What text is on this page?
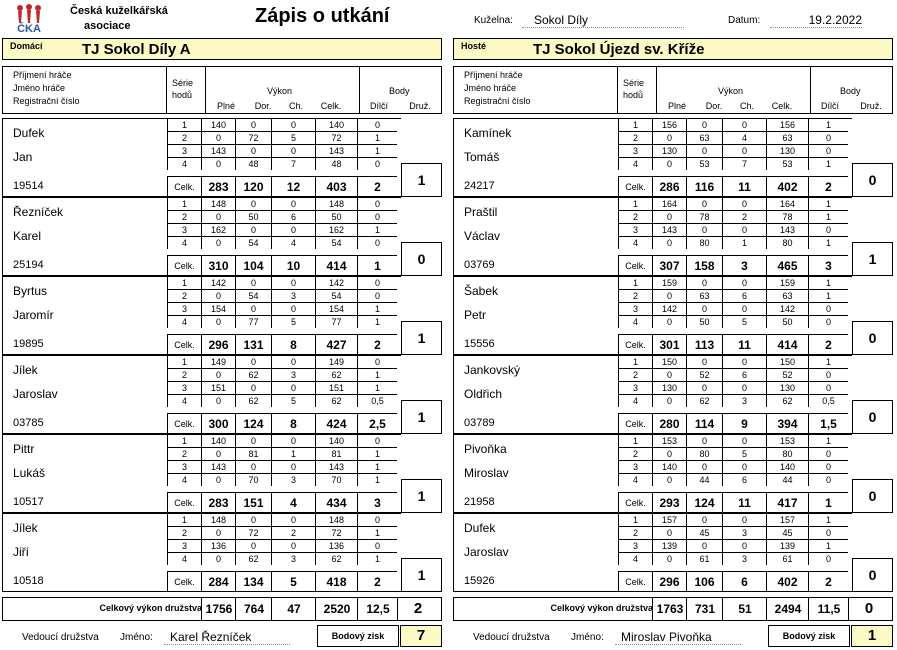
ČKA
Česká kuželkářská
asociace	Zápis o utkání	Kuželna:	Sokol Díly	Datum:	19.2.2022
Domácí	TJ Sokol Díly A
Příjmení hráče
Jméno hráče
Registrační číslo
Série
hodů	Výkon	Body
Plné	Dor.	Ch.	Celk.	Dílčí	Druž.
Dufek
Jan
19514
1	140	0	0	140	0
2	0	72	5	72	1
3	143	0	0	143	1
4	0	48	7	48	0
Celk.	283	120	12	403	2	1
Řezníček
Karel
25194
1	148	0	0	148	0
2	0	50	6	50	0
3	162	0	0	162	1
4	0	54	4	54	0
Celk.	310	104	10	414	1	0
Byrtus
Jaromír
19895
1	142	0	0	142	0
2	0	54	3	54	0
3	154	0	0	154	1
4	0	77	5	77	1
Celk.	296	131	8	427	2	1
Jílek
Jaroslav
03785
1	149	0	0	149	0
2	0	62	3	62	1
3	151	0	0	151	1
4	0	62	5	62	0,5
Celk.	300	124	8	424	2,5	1
Pittr
Lukáš
10517
1	140	0	0	140	0
2	0	81	1	81	1
3	143	0	0	143	1
4	0	70	3	70	1
Celk.	283	151	4	434	3	1
Jílek
Jiří
10518
1	148	0	0	148	0
2	0	72	2	72	1
3	136	0	0	136	0
4	0	62	3	62	1
Celk.	284	134	5	418	2	1
Celkový výkon družstva 1756 764	47	2520	12,5	2
Vedoucí družstva Jméno:	Karel Řezníček	Bodový zisk	7
Hosté	TJ Sokol Újezd sv. Kříže
Příjmení hráče
Jméno hráče
Registrační číslo
Série
hodů	Výkon	Body
Plné	Dor.	Ch.	Celk.	Dílčí	Druž.
Kamínek
Tomáš
24217
1	156	0	0	156	1
2	0	63	4	63	0
3	130	0	0	130	0
4	0	53	7	53	1
Celk.	286	116	11	402	2	0
Praštil
Václav
03769
1	164	0	0	164	1
2	0	78	2	78	1
3	143	0	0	143	0
4	0	80	1	80	1
Celk.	307	158	3	465	3	1
Šabek
Petr
15556
1	159	0	0	159	1
2	0	63	6	63	1
3	142	0	0	142	0
4	0	50	5	50	0
Celk.	301	113	11	414	2	0
Jankovský
Oldřich
03789
1	150	0	0	150	1
2	0	52	6	52	0
3	130	0	0	130	0
4	0	62	3	62	0,5
Celk.	280	114	9	394	1,5	0
Pivoňka
Miroslav
21958
1	153	0	0	153	1
2	0	80	5	80	0
3	140	0	0	140	0
4	0	44	6	44	0
Celk.	293	124	11	417	1	0
Dufek
Jaroslav
15926
1	157	0	0	157	1
2	0	45	3	45	0
3	139	0	0	139	1
4	0	61	3	61	0
Celk.	296	106	6	402	2	0
Celkový výkon družstva 1763 731	51	2494	11,5	0
Vedoucí družstva Jméno:	Miroslav Pivoňka	Bodový zisk	1
